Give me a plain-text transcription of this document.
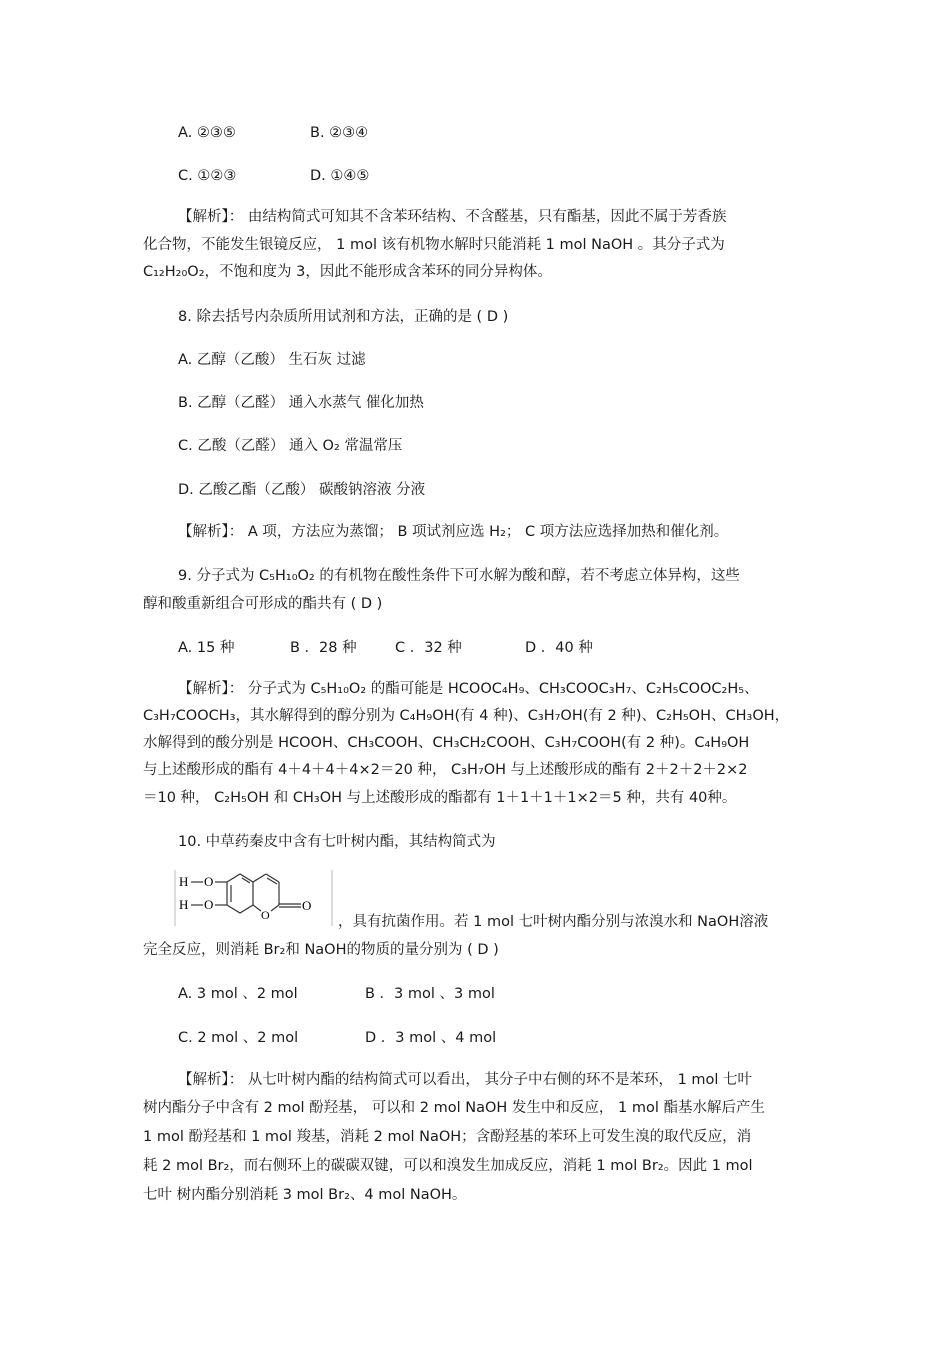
A. ②③⑤	B. ②③④
C. ①②③	D. ①④⑤
【解析】： 由结构简式可知其不含苯环结构、不含醛基，只有酯基，因此不属于芳香族
化合物，不能发生银镜反应， 1 mol 该有机物水解时只能消耗 1 mol NaOH 。其分子式为
C₁₂H₂₀O₂，不饱和度为 3，因此不能形成含苯环的同分异构体。
8. 除去括号内杂质所用试剂和方法，正确的是 ( D )
A. 乙醇（乙酸） 生石灰 过滤
B. 乙醇（乙醛） 通入水蒸气 催化加热
C. 乙酸（乙醛） 通入 O₂ 常温常压
D. 乙酸乙酯（乙酸） 碳酸钠溶液 分液
【解析】： A 项，方法应为蒸馏； B 项试剂应选 H₂； C 项方法应选择加热和催化剂。
9. 分子式为 C₅H₁₀O₂ 的有机物在酸性条件下可水解为酸和醇，若不考虑立体异构，这些
醇和酸重新组合可形成的酯共有 ( D )
A. 15 种	B ．28 种	C ．32 种	D ．40 种
【解析】： 分子式为 C₅H₁₀O₂ 的酯可能是 HCOOC₄H₉、CH₃COOC₃H₇、C₂H₅COOC₂H₅、
C₃H₇COOCH₃，其水解得到的醇分别为 C₄H₉OH(有 4 种)、C₃H₇OH(有 2 种)、C₂H₅OH、CH₃OH，
水解得到的酸分别是 HCOOH、CH₃COOH、CH₃CH₂COOH、C₃H₇COOH(有 2 种)。C₄H₉OH
与上述酸形成的酯有 4＋4＋4＋4×2＝20 种， C₃H₇OH 与上述酸形成的酯有 2＋2＋2＋2×2
＝10 种， C₂H₅OH 和 CH₃OH 与上述酸形成的酯都有 1＋1＋1＋1×2＝5 种，共有 40种。
10. 中草药秦皮中含有七叶树内酯，其结构简式为
H O
H O
O
O
，具有抗菌作用。若 1 mol 七叶树内酯分别与浓溴水和 NaOH溶液
完全反应，则消耗 Br₂和 NaOH的物质的量分别为 ( D )
A. 3 mol 、2 mol	B ．3 mol 、3 mol
C. 2 mol 、2 mol	D ．3 mol 、4 mol
【解析】： 从七叶树内酯的结构简式可以看出， 其分子中右侧的环不是苯环， 1 mol 七叶
树内酯分子中含有 2 mol 酚羟基， 可以和 2 mol NaOH 发生中和反应， 1 mol 酯基水解后产生
1 mol 酚羟基和 1 mol 羧基，消耗 2 mol NaOH；含酚羟基的苯环上可发生溴的取代反应，消
耗 2 mol Br₂，而右侧环上的碳碳双键，可以和溴发生加成反应，消耗 1 mol Br₂。因此 1 mol
七叶 树内酯分别消耗 3 mol Br₂、4 mol NaOH。
